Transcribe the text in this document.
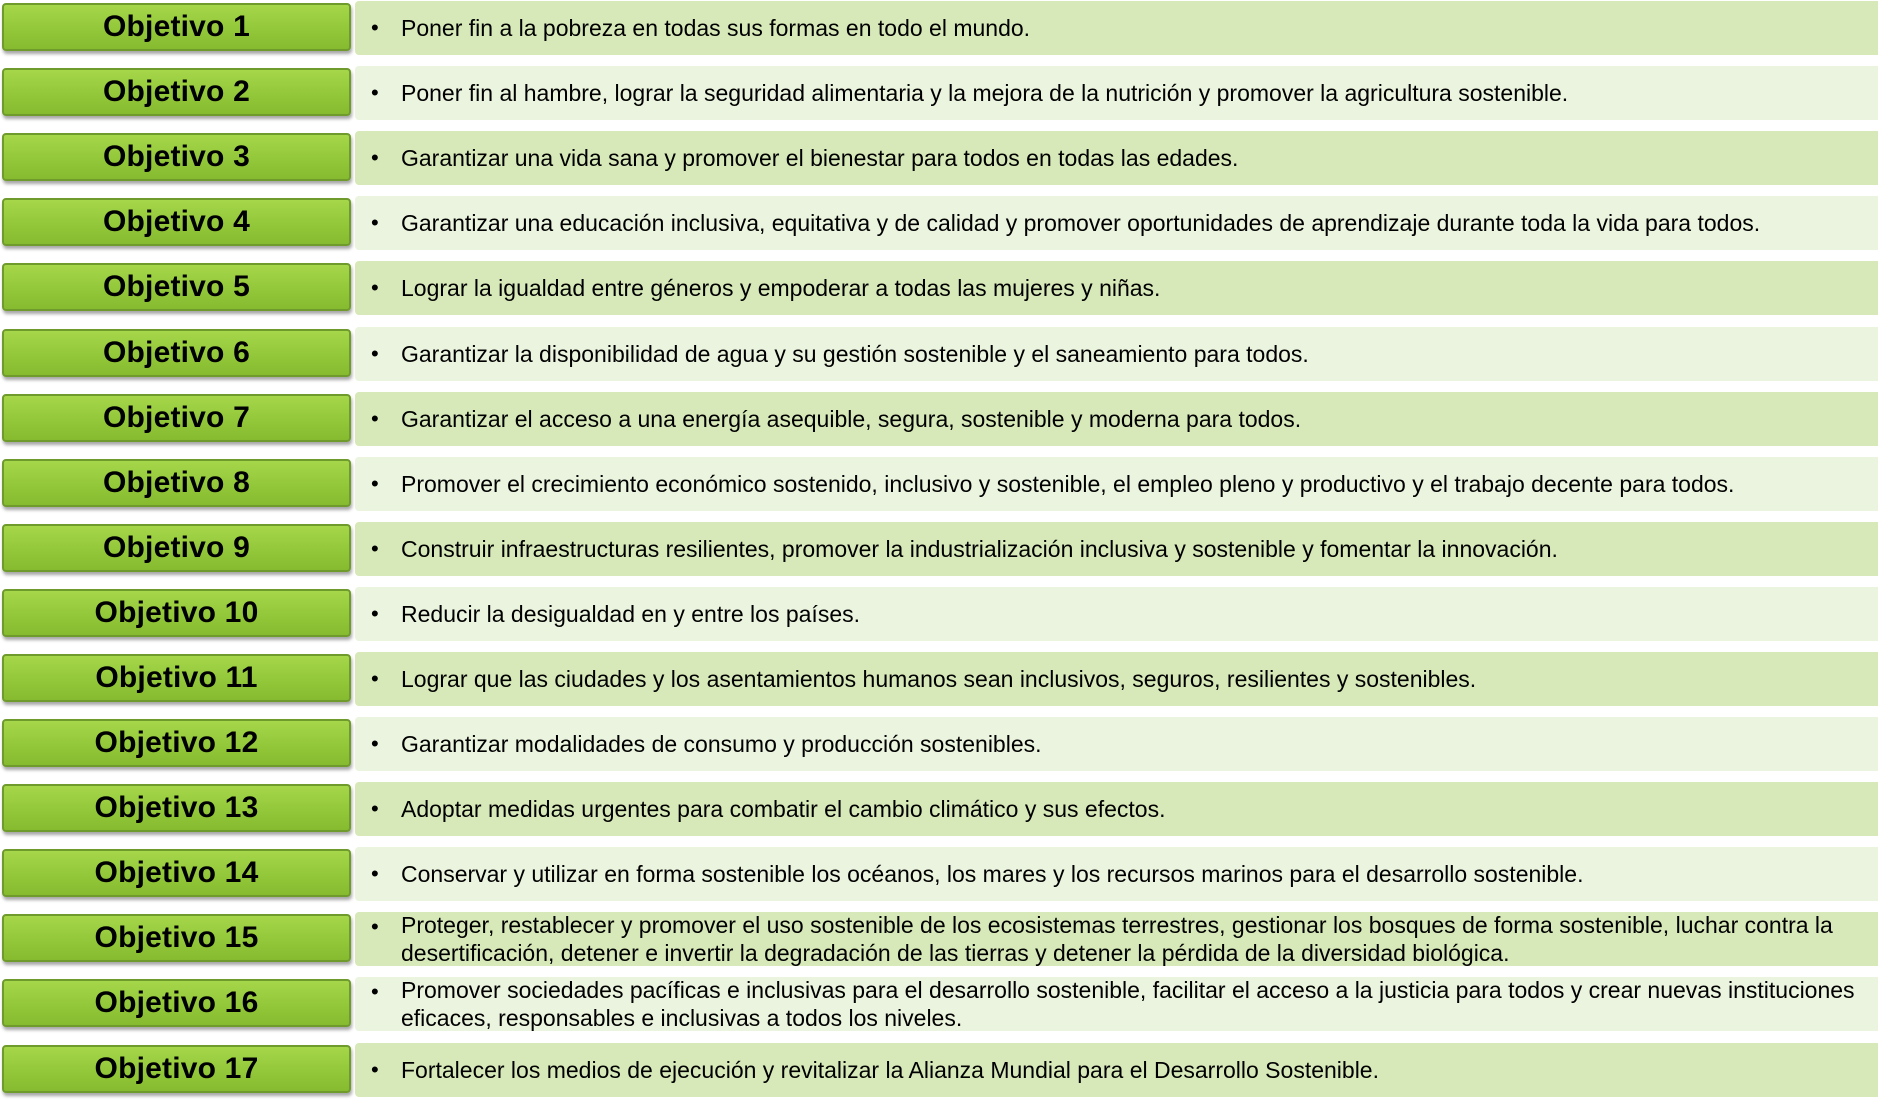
Objetivo 1	• Poner fin a la pobreza en todas sus formas en todo el mundo.
Objetivo 2	• Poner fin al hambre, lograr la seguridad alimentaria y la mejora de la nutrición y promover la agricultura sostenible.
Objetivo 3	• Garantizar una vida sana y promover el bienestar para todos en todas las edades.
Objetivo 4	• Garantizar una educación inclusiva, equitativa y de calidad y promover oportunidades de aprendizaje durante toda la vida para todos.
Objetivo 5	• Lograr la igualdad entre géneros y empoderar a todas las mujeres y niñas.
Objetivo 6	• Garantizar la disponibilidad de agua y su gestión sostenible y el saneamiento para todos.
Objetivo 7	• Garantizar el acceso a una energía asequible, segura, sostenible y moderna para todos.
Objetivo 8	• Promover el crecimiento económico sostenido, inclusivo y sostenible, el empleo pleno y productivo y el trabajo decente para todos.
Objetivo 9	• Construir infraestructuras resilientes, promover la industrialización inclusiva y sostenible y fomentar la innovación.
Objetivo 10	• Reducir la desigualdad en y entre los países.
Objetivo 11	• Lograr que las ciudades y los asentamientos humanos sean inclusivos, seguros, resilientes y sostenibles.
Objetivo 12	• Garantizar modalidades de consumo y producción sostenibles.
Objetivo 13	• Adoptar medidas urgentes para combatir el cambio climático y sus efectos.
Objetivo 14	• Conservar y utilizar en forma sostenible los océanos, los mares y los recursos marinos para el desarrollo sostenible.
Objetivo 15	• Proteger, restablecer y promover el uso sostenible de los ecosistemas terrestres, gestionar los bosques de forma sostenible, luchar contra la desertificación, detener e invertir la degradación de las tierras y detener la pérdida de la diversidad biológica.
Objetivo 16	• Promover sociedades pacíficas e inclusivas para el desarrollo sostenible, facilitar el acceso a la justicia para todos y crear nuevas instituciones eficaces, responsables e inclusivas a todos los niveles.
Objetivo 17	• Fortalecer los medios de ejecución y revitalizar la Alianza Mundial para el Desarrollo Sostenible.
